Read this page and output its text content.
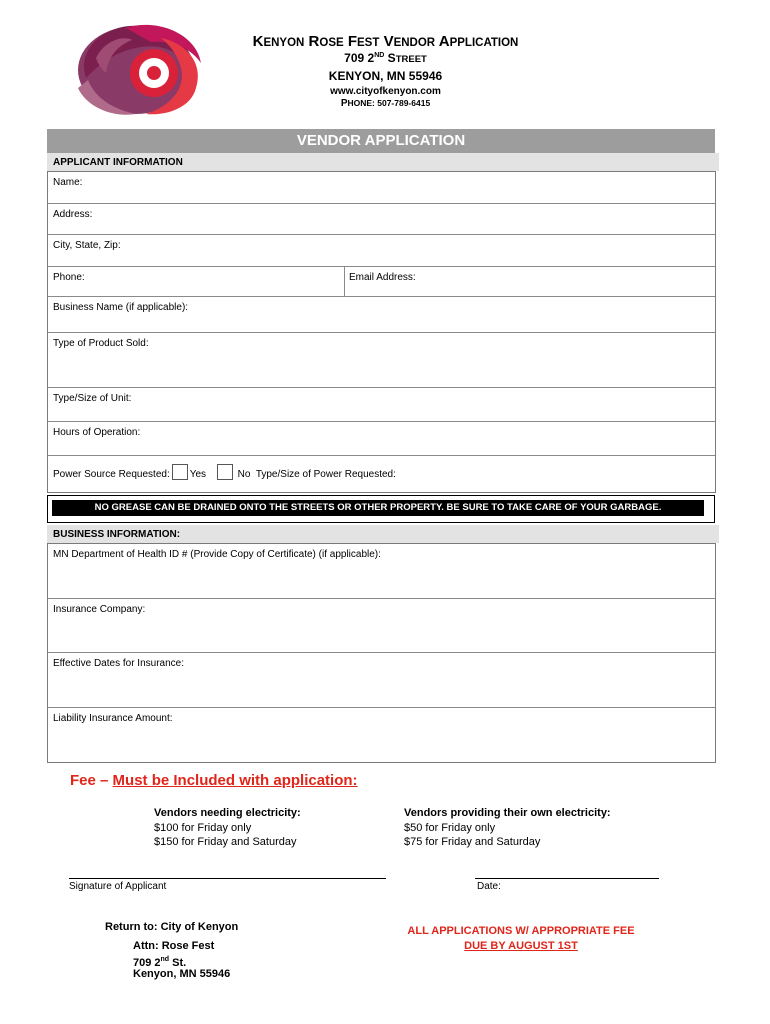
KENYON ROSE FEST VENDOR APPLICATION
709 2ND STREET
KENYON, MN 55946
www.cityofkenyon.com
PHONE: 507-789-6415
VENDOR APPLICATION
APPLICANT INFORMATION
Name:
Address:
City, State, Zip:
Phone:	Email Address:
Business Name (if applicable):
Type of Product Sold:
Type/Size of Unit:
Hours of Operation:
Power Source Requested: Yes	No Type/Size of Power Requested:
NO GREASE CAN BE DRAINED ONTO THE STREETS OR OTHER PROPERTY. BE SURE TO TAKE CARE OF YOUR GARBAGE.
BUSINESS INFORMATION:
MN Department of Health ID # (Provide Copy of Certificate) (if applicable):
Insurance Company:
Effective Dates for Insurance:
Liability Insurance Amount:
Fee – Must be Included with application:
Vendors needing electricity:
$100 for Friday only
$150 for Friday and Saturday
Vendors providing their own electricity:
$50 for Friday only
$75 for Friday and Saturday
Signature of Applicant	Date:
Return to: City of Kenyon
Attn: Rose Fest
709 2nd St.
Kenyon, MN 55946
ALL APPLICATIONS W/ APPROPRIATE FEE
DUE BY AUGUST 1ST
